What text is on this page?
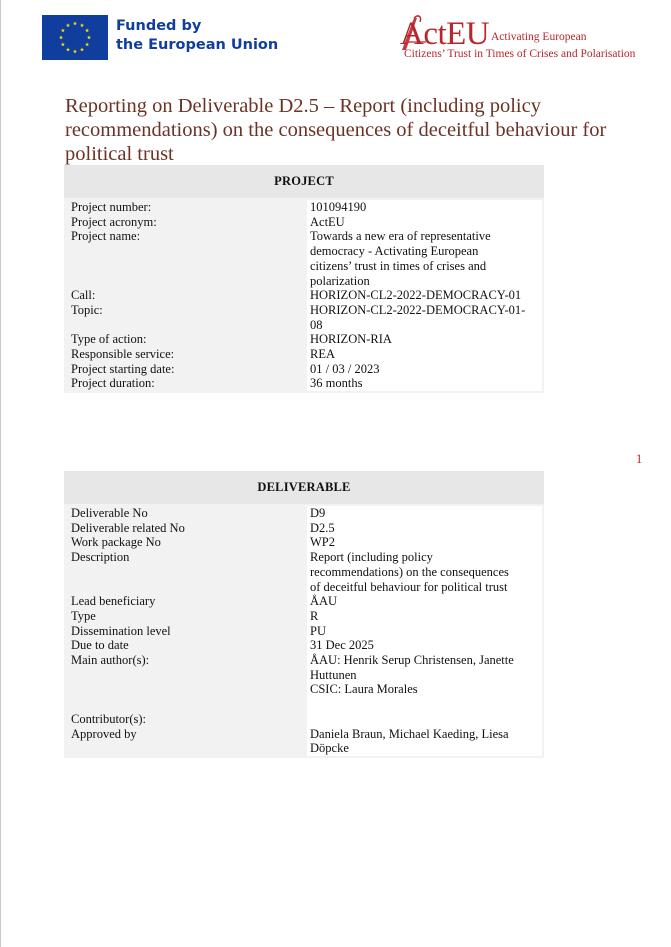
Funded by
the European Union	ActEU Activating European
Citizens’ Trust in Times of Crises and Polarisation
Reporting on Deliverable D2.5 – Report (including policy recommendations) on the consequences of deceitful behaviour for political trust
PROJECT
Project number:	101094190
Project acronym:	ActEU
Project name:	Towards a new era of representative
democracy - Activating European
citizens’ trust in times of crises and
polarization
Call:	HORIZON-CL2-2022-DEMOCRACY-01
Topic:	HORIZON-CL2-2022-DEMOCRACY-01-
08
Type of action:	HORIZON-RIA
Responsible service:	REA
Project starting date:	01 / 03 / 2023
Project duration:	36 months
1
DELIVERABLE
Deliverable No	D9
Deliverable related No	D2.5
Work package No	WP2
Description	Report (including policy
recommendations) on the consequences
of deceitful behaviour for political trust
Lead beneficiary	ÅAU
Type	R
Dissemination level	PU
Due to date	31 Dec 2025
Main author(s):	ÅAU: Henrik Serup Christensen, Janette
Huttunen
CSIC: Laura Morales

Contributor(s):

Approved by	Daniela Braun, Michael Kaeding, Liesa
Döpcke
